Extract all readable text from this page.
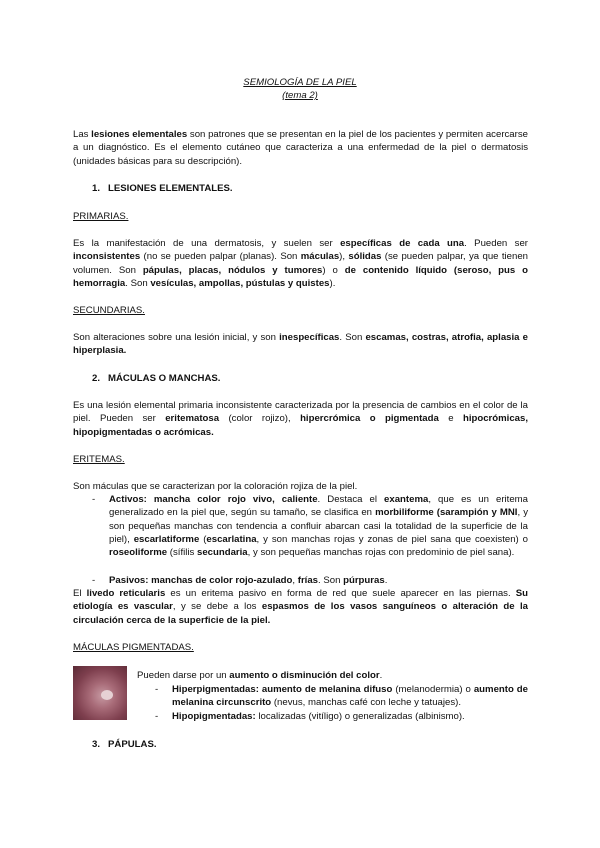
SEMIOLOGÍA DE LA PIEL
(tema 2)
Las lesiones elementales son patrones que se presentan en la piel de los pacientes y permiten acercarse a un diagnóstico. Es el elemento cutáneo que caracteriza a una enfermedad de la piel o dermatosis (unidades básicas para su descripción).
1. LESIONES ELEMENTALES.
PRIMARIAS.
Es la manifestación de una dermatosis, y suelen ser específicas de cada una. Pueden ser inconsistentes (no se pueden palpar (planas). Son máculas), sólidas (se pueden palpar, ya que tienen volumen. Son pápulas, placas, nódulos y tumores) o de contenido líquido (seroso, pus o hemorragia. Son vesículas, ampollas, pústulas y quistes).
SECUNDARIAS.
Son alteraciones sobre una lesión inicial, y son inespecíficas. Son escamas, costras, atrofia, aplasia e hiperplasia.
2. MÁCULAS O MANCHAS.
Es una lesión elemental primaria inconsistente caracterizada por la presencia de cambios en el color de la piel. Pueden ser eritematosa (color rojizo), hipercrómica o pigmentada e hipocrómicas, hipopigmentadas o acrómicas.
ERITEMAS.
Son máculas que se caracterizan por la coloración rojiza de la piel.
- Activos: mancha color rojo vivo, caliente. Destaca el exantema, que es un eritema generalizado en la piel que, según su tamaño, se clasifica en morbiliforme (sarampión y MNI, y son pequeñas manchas con tendencia a confluir abarcan casi la totalidad de la superficie de la piel), escarlatiforme (escarlatina, y son manchas rojas y zonas de piel sana que coexisten) o roseoliforme (sífilis secundaria, y son pequeñas manchas rojas con predominio de piel sana).
- Pasivos: manchas de color rojo-azulado, frías. Son púrpuras.
El livedo reticularis es un eritema pasivo en forma de red que suele aparecer en las piernas. Su etiología es vascular, y se debe a los espasmos de los vasos sanguíneos o alteración de la circulación cerca de la superficie de la piel.
MÁCULAS PIGMENTADAS.
Pueden darse por un aumento o disminución del color.
- Hiperpigmentadas: aumento de melanina difuso (melanodermia) o aumento de melanina circunscrito (nevus, manchas café con leche y tatuajes).
- Hipopigmentadas: localizadas (vitíligo) o generalizadas (albinismo).
3. PÁPULAS.
